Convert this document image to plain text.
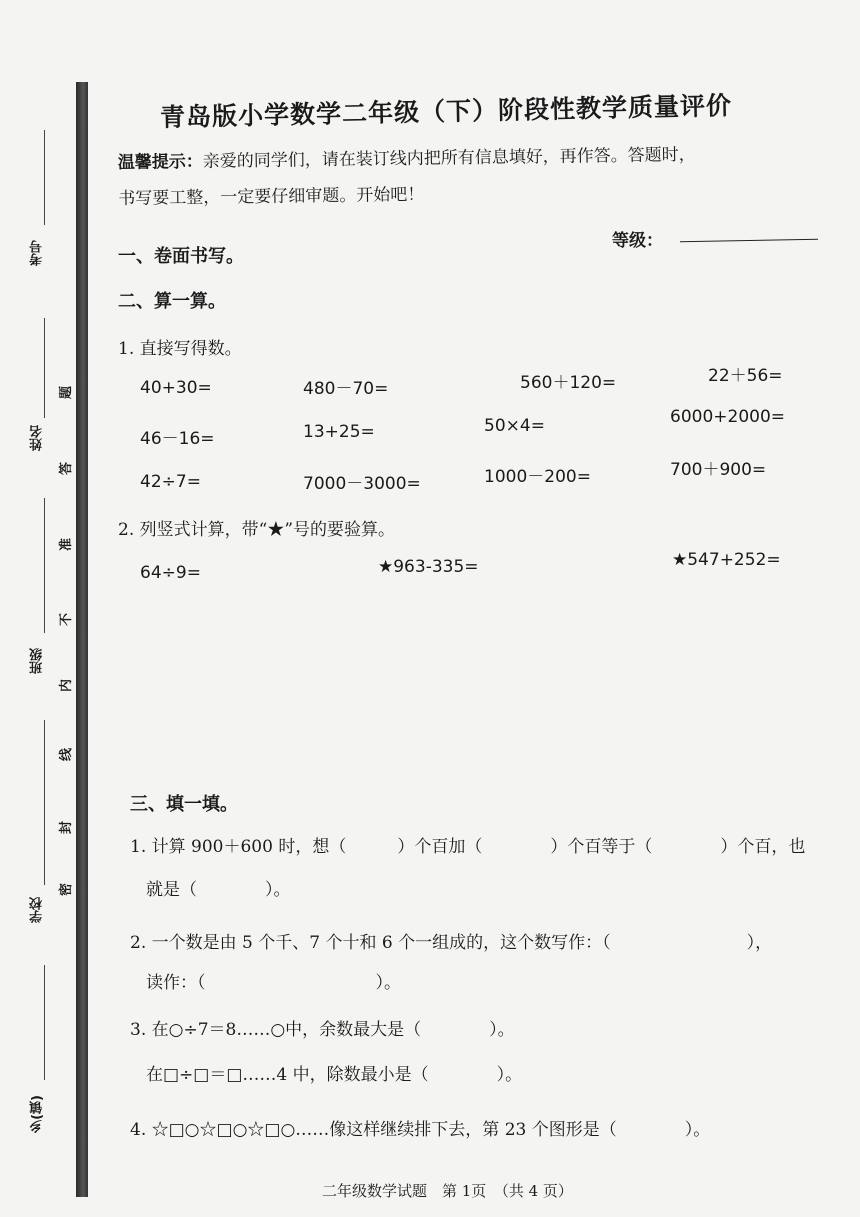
考号
姓名
班级
学校
乡(镇)
题
答
准
不
内
线
封
密
青岛版小学数学二年级（下）阶段性教学质量评价
温馨提示：亲爱的同学们，请在装订线内把所有信息填好，再作答。答题时，
书写要工整，一定要仔细审题。开始吧！
一、卷面书写。
等级：
二、算一算。
1. 直接写得数。
40+30=	480－70=	560＋120=	22＋56=
46－16=	13+25=	50×4=	6000+2000=
42÷7=	7000－3000=	1000－200=	700＋900=
2. 列竖式计算，带“★”号的要验算。
64÷9=	★963-335=	★547+252=
三、填一填。
1. 计算 900＋600 时，想（　　　）个百加（　　　　）个百等于（　　　　）个百，也
就是（　　　　）。
2. 一个数是由 5 个千、7 个十和 6 个一组成的，这个数写作：（　　　　　　　　），
读作：（　　　　　　　　　　）。
3. 在○÷7＝8……○中，余数最大是（　　　　）。
在□÷□＝□……4 中，除数最小是（　　　　）。
4. ☆□○☆□○☆□○……像这样继续排下去，第 23 个图形是（　　　　）。
二年级数学试题　第 1页　（共 4 页）
